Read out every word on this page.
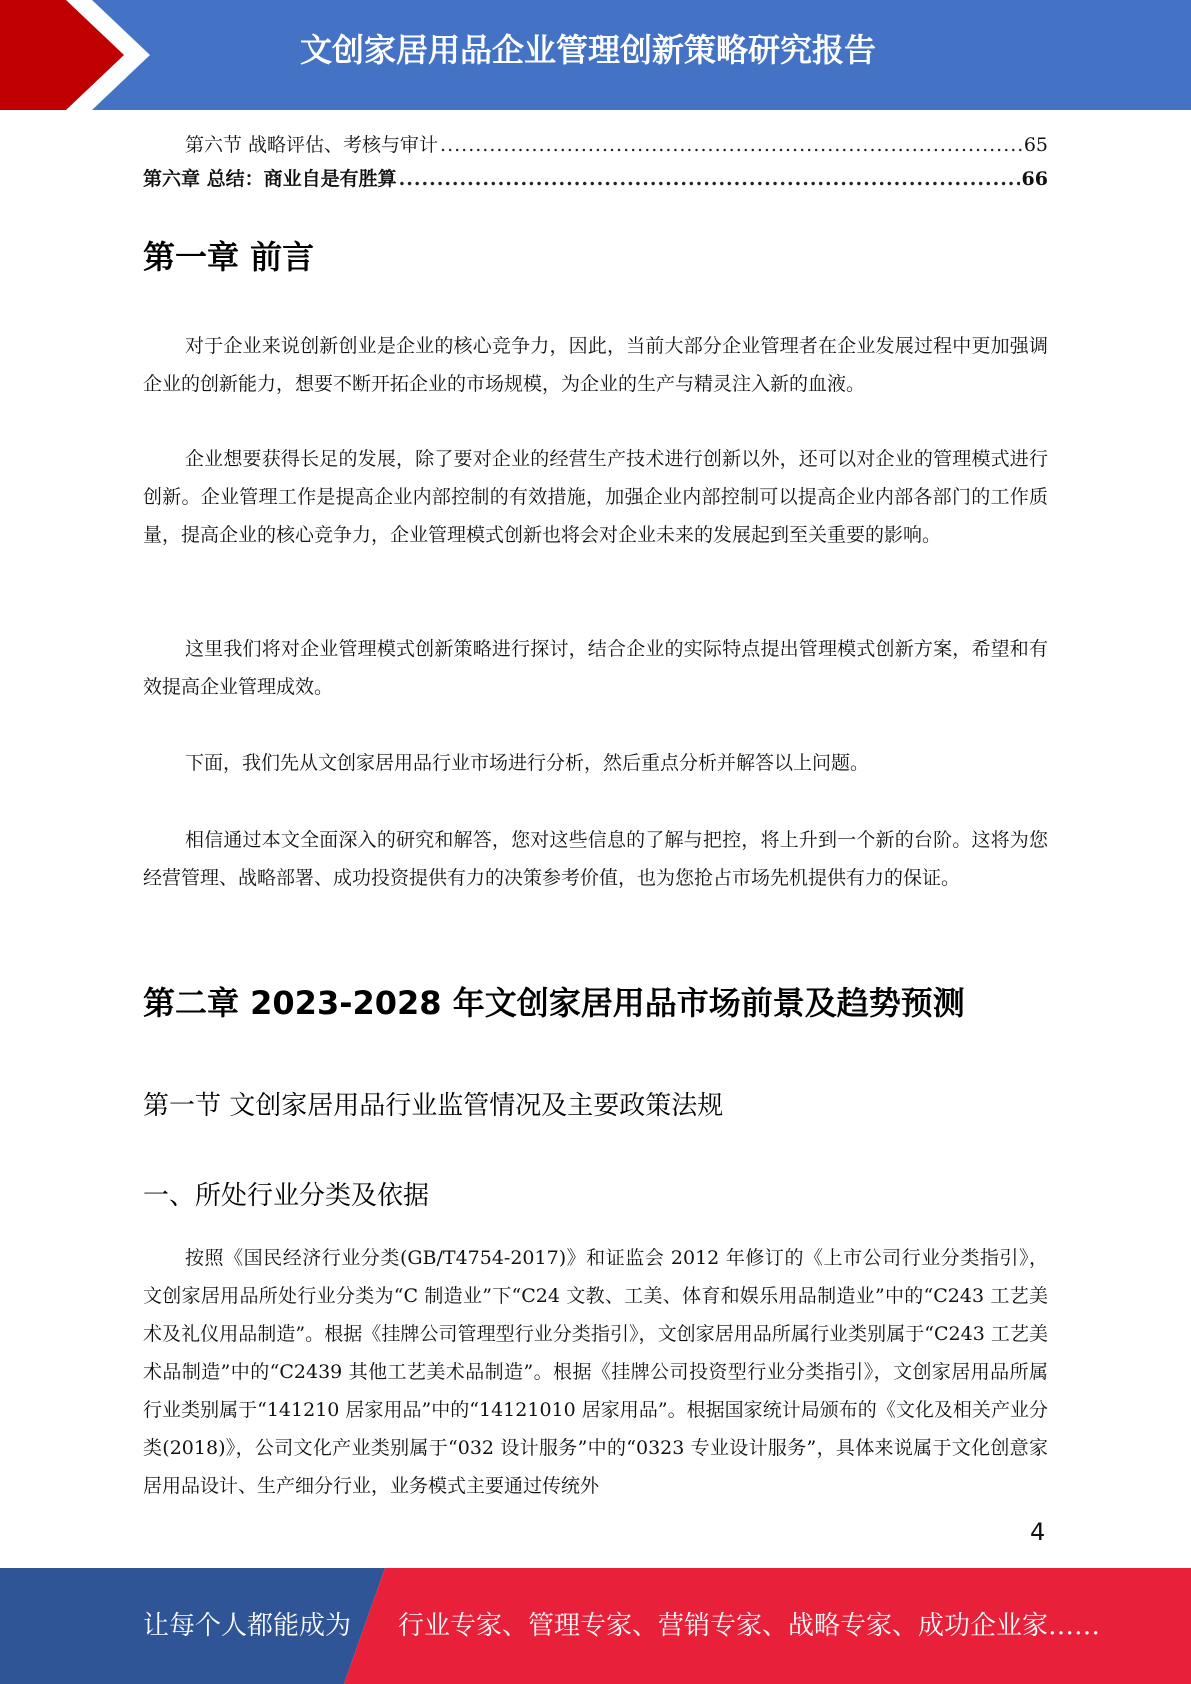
文创家居用品企业管理创新策略研究报告
第六节 战略评估、考核与审计 .....	65
第六章 总结：商业自是有胜算 .....	66
第一章 前言

对于企业来说创新创业是企业的核心竞争力，因此，当前大部分企业管理者在企业发展过程中更加强调企业的创新能力，想要不断开拓企业的市场规模，为企业的生产与精灵注入新的血液。

企业想要获得长足的发展，除了要对企业的经营生产技术进行创新以外，还可以对企业的管理模式进行创新。企业管理工作是提高企业内部控制的有效措施，加强企业内部控制可以提高企业内部各部门的工作质量，提高企业的核心竞争力，企业管理模式创新也将会对企业未来的发展起到至关重要的影响。

这里我们将对企业管理模式创新策略进行探讨，结合企业的实际特点提出管理模式创新方案，希望和有效提高企业管理成效。

下面，我们先从文创家居用品行业市场进行分析，然后重点分析并解答以上问题。

相信通过本文全面深入的研究和解答，您对这些信息的了解与把控，将上升到一个新的台阶。这将为您经营管理、战略部署、成功投资提供有力的决策参考价值，也为您抢占市场先机提供有力的保证。

第二章 2023-2028 年文创家居用品市场前景及趋势预测
第一节 文创家居用品行业监管情况及主要政策法规
一、所处行业分类及依据

按照《国民经济行业分类(GB/T4754-2017)》和证监会 2012 年修订的《上市公司行业分类指引》，文创家居用品所处行业分类为“C 制造业”下“C24 文教、工美、体育和娱乐用品制造业”中的“C243 工艺美术及礼仪用品制造”。根据《挂牌公司管理型行业分类指引》，文创家居用品所属行业类别属于“C243 工艺美术品制造”中的“C2439 其他工艺美术品制造”。根据《挂牌公司投资型行业分类指引》，文创家居用品所属行业类别属于“141210 居家用品”中的“14121010 居家用品”。根据国家统计局颁布的《文化及相关产业分类(2018)》，公司文化产业类别属于“032 设计服务”中的“0323 专业设计服务”，具体来说属于文化创意家居用品设计、生产细分行业，业务模式主要通过传统外

4
让每个人都能成为 行业专家、管理专家、营销专家、战略专家、成功企业家……
